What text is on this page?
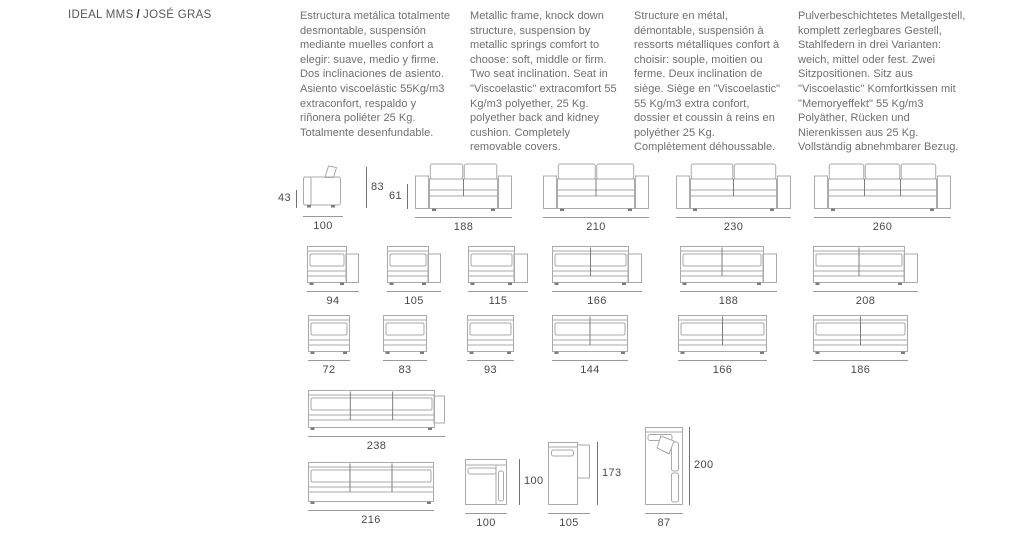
IDEAL MMS / JOSÉ GRAS	Estructura metálica totalmente desmontable, suspensión mediante muelles confort a elegir: suave, medio y firme. Dos inclinaciones de asiento. Asiento viscoelástic 55Kg/m3 extraconfort, respaldo y riñonera poliéter 25 Kg. Totalmente desenfundable.
Metallic frame, knock down structure, suspension by metallic springs comfort to choose: soft, middle or firm. Two seat inclination. Seat in "Viscoelastic" extracomfort 55 Kg/m3 polyether, 25 Kg. polyether back and kidney cushion. Completely removable covers.
Structure en métal, démontable, suspensión à ressorts métalliques confort à choisir: souple, moitien ou ferme. Deux inclination de siège. Siège en "Viscoelastic" 55 Kg/m3 extra confort, dossier et coussin à reins en polyéther 25 Kg. Complètement déhoussable.
Pulverbeschichtetes Metallgestell, komplett zerlegbares Gestell, Stahlfedern in drei Varianten: weich, mittel oder fest. Zwei Sitzpositionen. Sitz aus "Viscoelastic" Komfortkissen mit "Memoryeffekt" 55 Kg/m3 Polyäther, Rücken und Nierenkissen aus 25 Kg. Vollständig abnehmbarer Bezug.
100
43
83
188
61
210	230	260
94	105	115	166	188	208
72	83	93	144	166	186
238
216	100
100
105
173
87
200
